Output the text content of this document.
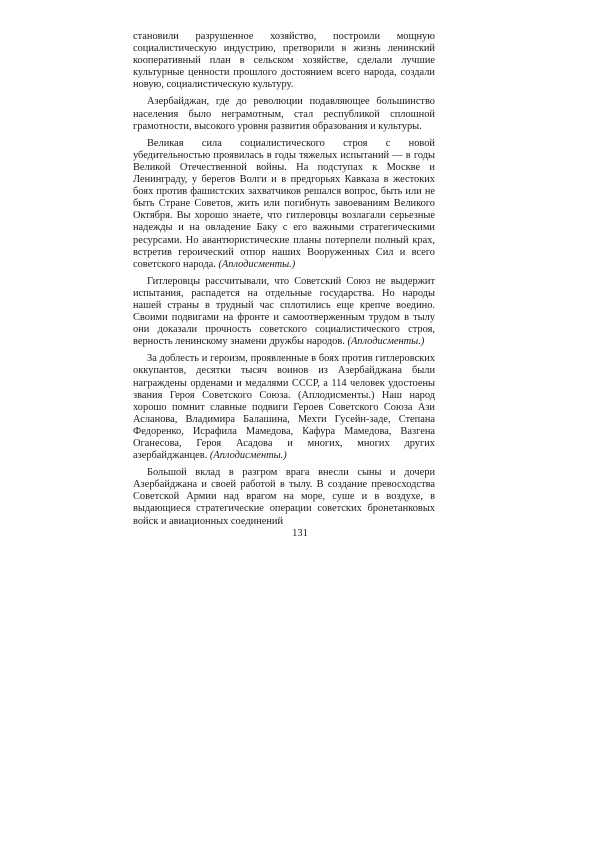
становили разрушенное хозяйство, построили мощную социалистическую индустрию, претворили в жизнь ленинский кооперативный план в сельском хозяйстве, сделали лучшие культурные ценности прошлого достоянием всего народа, создали новую, социалистическую культуру.

Азербайджан, где до революции подавляющее большинство населения было неграмотным, стал республикой сплошной грамотности, высокого уровня развития образования и культуры.

Великая сила социалистического строя с новой убедительностью проявилась в годы тяжелых испытаний — в годы Великой Отечественной войны. На подступах к Москве и Ленинграду, у берегов Волги и в предгорьях Кавказа в жестоких боях против фашистских захватчиков решался вопрос, быть или не быть Стране Советов, жить или погибнуть завоеваниям Великого Октября. Вы хорошо знаете, что гитлеровцы возлагали серьезные надежды и на овладение Баку с его важными стратегическими ресурсами. Но авантюристические планы потерпели полный крах, встретив героический отпор наших Вооруженных Сил и всего советского народа. (Аплодисменты.)

Гитлеровцы рассчитывали, что Советский Союз не выдержит испытания, распадется на отдельные государства. Но народы нашей страны в трудный час сплотились еще крепче воедино. Своими подвигами на фронте и самоотверженным трудом в тылу они доказали прочность советского социалистического строя, верность ленинскому знамени дружбы народов. (Аплодисменты.)

За доблесть и героизм, проявленные в боях против гитлеровских оккупантов, десятки тысяч воинов из Азербайджана были награждены орденами и медалями СССР, а 114 человек удостоены звания Героя Советского Союза. (Аплодисменты.) Наш народ хорошо помнит славные подвиги Героев Советского Союза Ази Асланова, Владимира Балашина, Мехти Гусейн-заде, Степана Федоренко, Исрафила Мамедова, Кафура Мамедова, Вазгена Оганесова, Героя Асадова и многих, многих других азербайджанцев. (Аплодисменты.)

Большой вклад в разгром врага внесли сыны и дочери Азербайджана и своей работой в тылу. В создание превосходства Советской Армии над врагом на море, суше и в воздухе, в выдающиеся стратегические операции советских бронетанковых войск и авиационных соединений

131
